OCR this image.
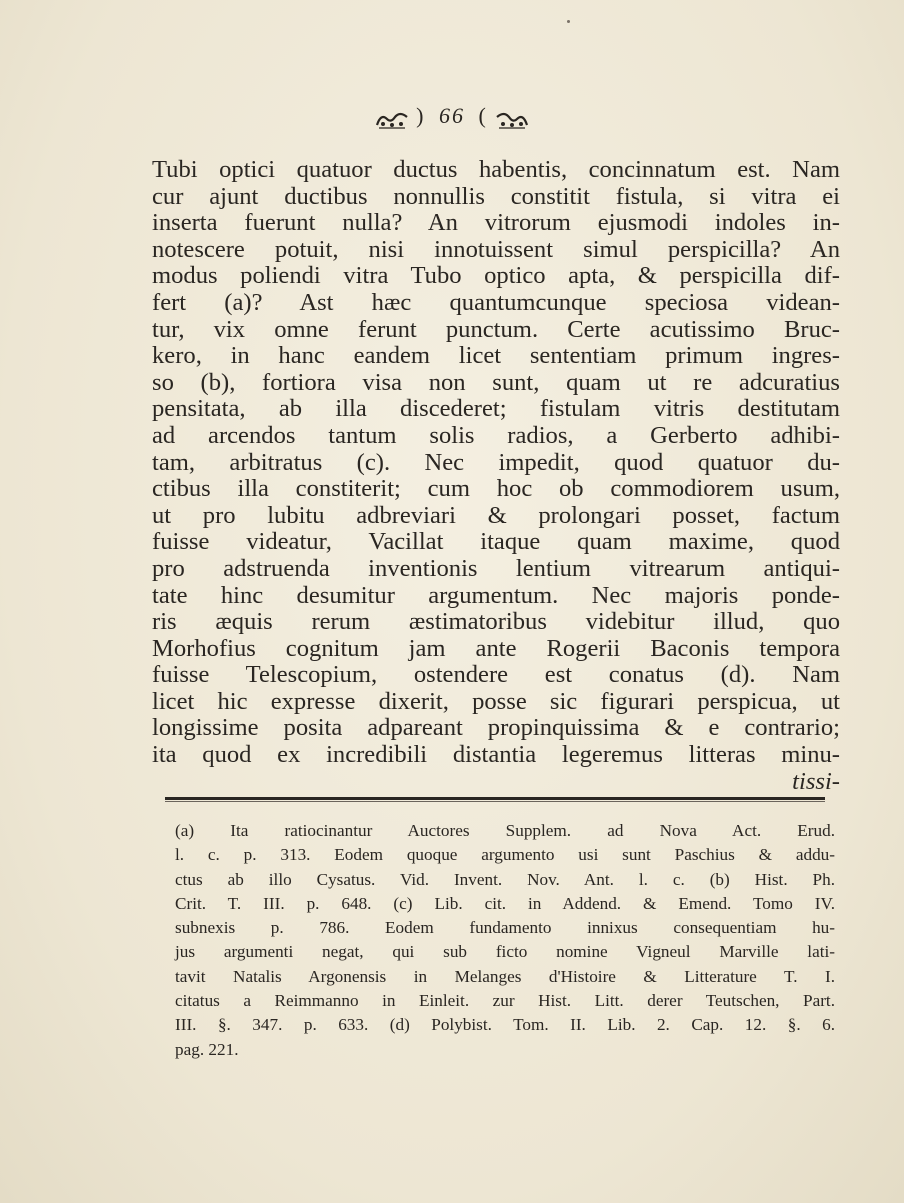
) 66 (
Tubi optici quatuor ductus habentis, concinnatum est. Nam
cur ajunt ductibus nonnullis constitit fistula, si vitra ei
inserta fuerunt nulla? An vitrorum ejusmodi indoles in-
notescere potuit, nisi innotuissent simul perspicilla? An
modus poliendi vitra Tubo optico apta, & perspicilla dif-
fert (a)? Ast hæc quantumcunque speciosa videan-
tur, vix omne ferunt punctum. Certe acutissimo Bruc-
kero, in hanc eandem licet sententiam primum ingres-
so (b), fortiora visa non sunt, quam ut re adcuratius
pensitata, ab illa discederet; fistulam vitris destitutam
ad arcendos tantum solis radios, a Gerberto adhibi-
tam, arbitratus (c). Nec impedit, quod quatuor du-
ctibus illa constiterit; cum hoc ob commodiorem usum,
ut pro lubitu adbreviari & prolongari posset, factum
fuisse videatur, Vacillat itaque quam maxime, quod
pro adstruenda inventionis lentium vitrearum antiqui-
tate hinc desumitur argumentum. Nec majoris ponde-
ris æquis rerum æstimatoribus videbitur illud, quo
Morhofius cognitum jam ante Rogerii Baconis tempora
fuisse Telescopium, ostendere est conatus (d). Nam
licet hic expresse dixerit, posse sic figurari perspicua, ut
longissime posita adpareant propinquissima & e contrario;
ita quod ex incredibili distantia legeremus litteras minu-
tissi-
(a) Ita ratiocinantur Auctores Supplem. ad Nova Act. Erud.
l. c. p. 313. Eodem quoque argumento usi sunt Paschius & addu-
ctus ab illo Cysatus. Vid. Invent. Nov. Ant. l. c. (b) Hist. Ph.
Crit. T. III. p. 648. (c) Lib. cit. in Addend. & Emend. Tomo IV.
subnexis p. 786. Eodem fundamento innixus consequentiam hu-
jus argumenti negat, qui sub ficto nomine Vigneul Marville lati-
tavit Natalis Argonensis in Melanges d'Histoire & Litterature T. I.
citatus a Reimmanno in Einleit. zur Hist. Litt. derer Teutschen, Part.
III. §. 347. p. 633. (d) Polybist. Tom. II. Lib. 2. Cap. 12. §. 6.
pag. 221.
